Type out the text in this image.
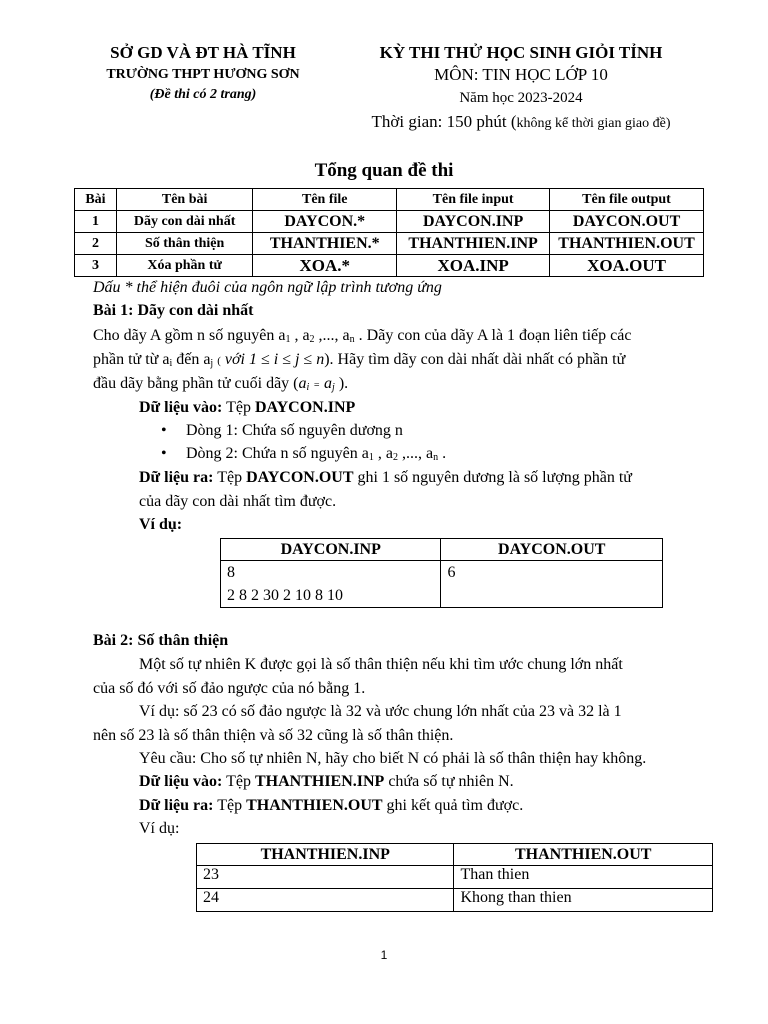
SỞ GD VÀ ĐT HÀ TĨNH
TRƯỜNG THPT HƯƠNG SƠN
(Đề thi có 2 trang)
KỲ THI THỬ HỌC SINH GIỎI TỈNH
MÔN: TIN HỌC LỚP 10
Năm học 2023-2024
Thời gian: 150 phút (không kể thời gian giao đề)
Tổng quan đề thi
Bài	Tên bài	Tên file	Tên file input	Tên file output
1	Dãy con dài nhất	DAYCON.*	DAYCON.INP	DAYCON.OUT
2	Số thân thiện	THANTHIEN.*	THANTHIEN.INP	THANTHIEN.OUT
3	Xóa phần tử	XOA.*	XOA.INP	XOA.OUT
Dấu * thể hiện đuôi của ngôn ngữ lập trình tương ứng
Bài 1: Dãy con dài nhất
Cho dãy A gồm n số nguyên $a_1$ , $a_2$ ,..., $a_n$ . Dãy con của dãy A là 1 đoạn liên tiếp các
phần tử từ $a_i$ đến $a_j$ ( với 1 ≤ i ≤ j ≤ n). Hãy tìm dãy con dài nhất dài nhất có phần tử
đầu dãy bằng phần tử cuối dãy ($a_i = a_j$ ).
Dữ liệu vào: Tệp DAYCON.INP
• Dòng 1: Chứa số nguyên dương n
• Dòng 2: Chứa n số nguyên $a_1$ , $a_2$ ,..., $a_n$ .
Dữ liệu ra: Tệp DAYCON.OUT ghi 1 số nguyên dương là số lượng phần tử
của dãy con dài nhất tìm được.
Ví dụ:
DAYCON.INP	DAYCON.OUT

8
2 8 2 30 2 10 8 10	6
Bài 2: Số thân thiện
Một số tự nhiên K được gọi là số thân thiện nếu khi tìm ước chung lớn nhất
của số đó với số đảo ngược của nó bằng 1.
Ví dụ: số 23 có số đảo ngược là 32 và ước chung lớn nhất của 23 và 32 là 1
nên số 23 là số thân thiện và số 32 cũng là số thân thiện.
Yêu cầu: Cho số tự nhiên N, hãy cho biết N có phải là số thân thiện hay không.
Dữ liệu vào: Tệp THANTHIEN.INP chứa số tự nhiên N.
Dữ liệu ra: Tệp THANTHIEN.OUT ghi kết quả tìm được.
Ví dụ:
THANTHIEN.INP	THANTHIEN.OUT
23	Than thien
24	Khong than thien
1
